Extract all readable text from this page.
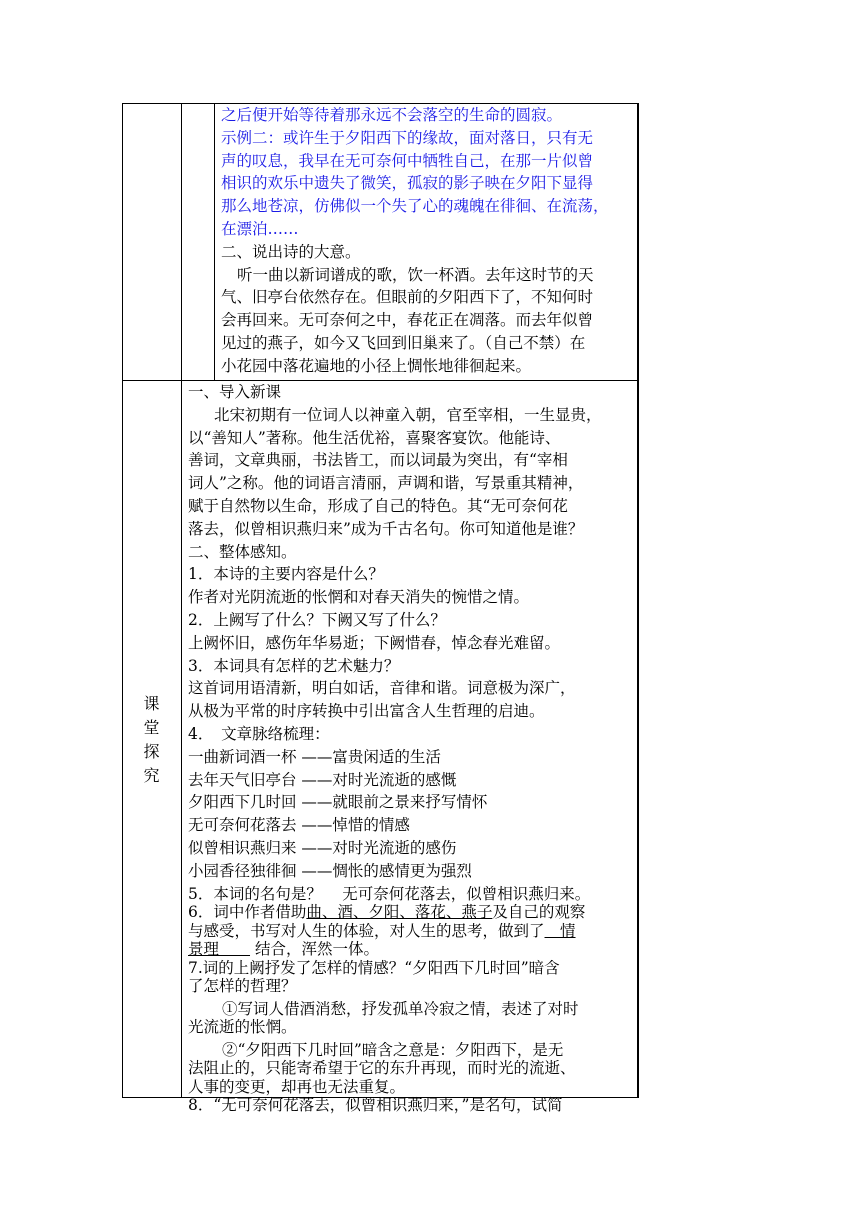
之后便开始等待着那永远不会落空的生命的圆寂。
示例二：或许生于夕阳西下的缘故，面对落日，只有无
声的叹息，我早在无可奈何中牺牲自己，在那一片似曾
相识的欢乐中遗失了微笑，孤寂的影子映在夕阳下显得
那么地苍凉，仿佛似一个失了心的魂魄在徘徊、在流荡，
在漂泊……
二、说出诗的大意。
听一曲以新词谱成的歌，饮一杯酒。去年这时节的天
气、旧亭台依然存在。但眼前的夕阳西下了，不知何时
会再回来。无可奈何之中，春花正在凋落。而去年似曾
见过的燕子，如今又飞回到旧巢来了。（自己不禁）在
小花园中落花遍地的小径上惆怅地徘徊起来。
课
堂
探
究
一、导入新课
北宋初期有一位词人以神童入朝，官至宰相，一生显贵，
以“善知人”著称。他生活优裕，喜聚客宴饮。他能诗、
善词，文章典丽，书法皆工，而以词最为突出，有“宰相
词人”之称。他的词语言清丽，声调和谐，写景重其精神，
赋于自然物以生命，形成了自己的特色。其“无可奈何花
落去，似曾相识燕归来”成为千古名句。你可知道他是谁？
二、整体感知。
1．本诗的主要内容是什么？
作者对光阴流逝的怅惘和对春天消失的惋惜之情。
2．上阙写了什么？下阙又写了什么？
上阙怀旧，感伤年华易逝；下阙惜春，悼念春光难留。
3．本词具有怎样的艺术魅力？
这首词用语清新，明白如话，音律和谐。词意极为深广，
从极为平常的时序转换中引出富含人生哲理的启迪。
4．　文章脉络梳理：
一曲新词酒一杯 ——富贵闲适的生活
去年天气旧亭台 ——对时光流逝的感慨
夕阳西下几时回 ——就眼前之景来抒写情怀
无可奈何花落去 ——悼惜的情感
似曾相识燕归来 ——对时光流逝的感伤
小园香径独徘徊 ——惆怅的感情更为强烈
5．本词的名句是？　 无可奈何花落去，似曾相识燕归来。
6．词中作者借助曲、酒、夕阳、落花、燕子及自己的观察
与感受，书写对人生的体验，对人生的思考，做到了　情
景理　　 结合，浑然一体。
7.词的上阙抒发了怎样的情感？“夕阳西下几时回”暗含
了怎样的哲理？
①写词人借酒消愁，抒发孤单冷寂之情，表述了对时
光流逝的怅惘。
②“夕阳西下几时回”暗含之意是：夕阳西下，是无
法阻止的，只能寄希望于它的东升再现，而时光的流逝、
人事的变更，却再也无法重复。
8．“无可奈何花落去，似曾相识燕归来，”是名句，试简
